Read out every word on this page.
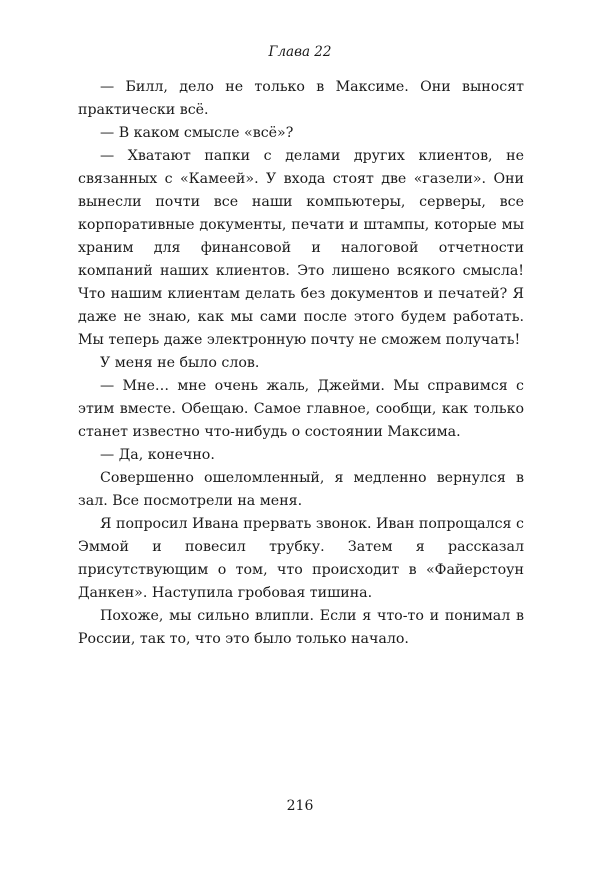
Глава 22

— Билл, дело не только в Максиме. Они выносят практически всё.

— В каком смысле «всё»?

— Хватают папки с делами других клиентов, не связанных с «Камеей». У входа стоят две «газели». Они вынесли почти все наши компьютеры, серверы, все корпоративные документы, печати и штампы, которые мы храним для финансовой и налоговой отчетности компаний наших клиентов. Это лишено всякого смысла! Что нашим клиентам делать без документов и печатей? Я даже не знаю, как мы сами после этого будем работать. Мы теперь даже электронную почту не сможем получать!

У меня не было слов.

— Мне… мне очень жаль, Джейми. Мы справимся с этим вместе. Обещаю. Самое главное, сообщи, как только станет известно что-нибудь о состоянии Максима.

— Да, конечно.

Совершенно ошеломленный, я медленно вернулся в зал. Все посмотрели на меня.

Я попросил Ивана прервать звонок. Иван попрощался с Эммой и повесил трубку. Затем я рассказал присутствующим о том, что происходит в «Файерстоун Данкен». Наступила гробовая тишина.

Похоже, мы сильно влипли. Если я что-то и понимал в России, так то, что это было только начало.

216
